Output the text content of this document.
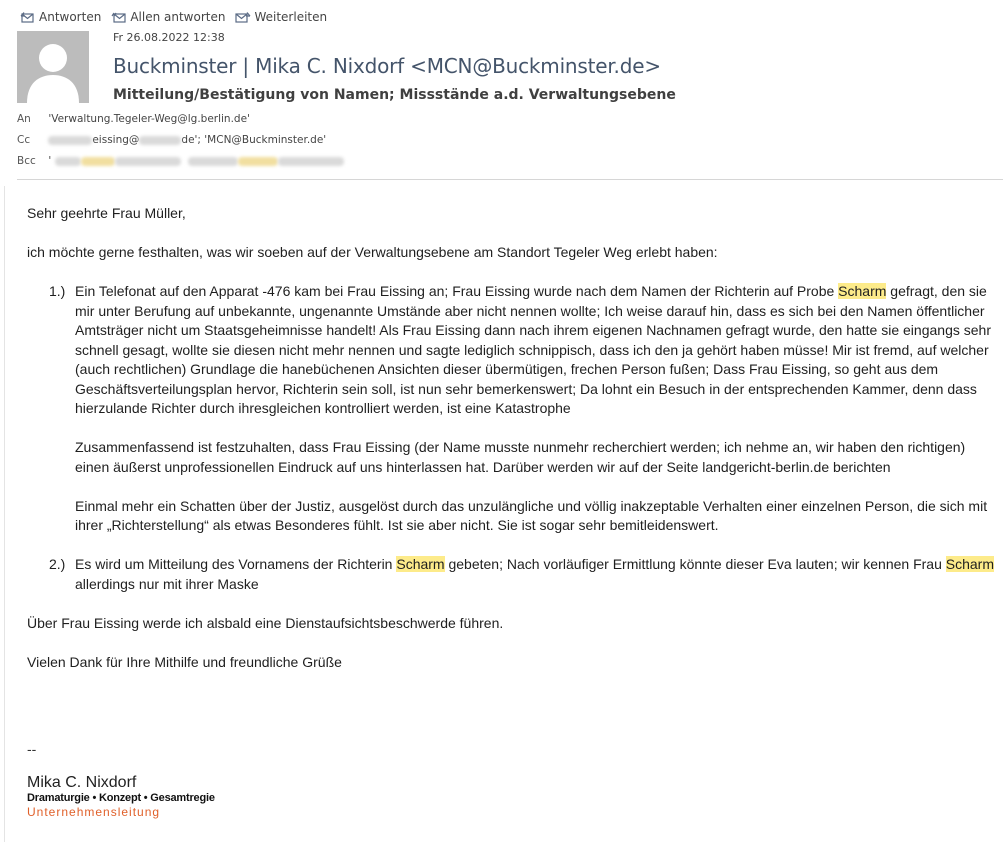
Antworten Allen antworten Weiterleiten
Fr 26.08.2022 12:38
Buckminster | Mika C. Nixdorf <MCN@Buckminster.de>
Mitteilung/Bestätigung von Namen; Missstände a.d. Verwaltungsebene
An 'Verwaltung.Tegeler-Weg@lg.berlin.de'
Cc	eissing@	de'; 'MCN@Buckminster.de'
Bcc '

Sehr geehrte Frau Müller,

ich möchte gerne festhalten, was wir soeben auf der Verwaltungsebene am Standort Tegeler Weg erlebt haben:

1.) Ein Telefonat auf den Apparat -476 kam bei Frau Eissing an; Frau Eissing wurde nach dem Namen der Richterin auf Probe Scharm gefragt, den sie mir unter Berufung auf unbekannte, ungenannte Umstände aber nicht nennen wollte; Ich weise darauf hin, dass es sich bei den Namen öffentlicher Amtsträger nicht um Staatsgeheimnisse handelt! Als Frau Eissing dann nach ihrem eigenen Nachnamen gefragt wurde, den hatte sie eingangs sehr schnell gesagt, wollte sie diesen nicht mehr nennen und sagte lediglich schnippisch, dass ich den ja gehört haben müsse! Mir ist fremd, auf welcher (auch rechtlichen) Grundlage die hanebüchenen Ansichten dieser übermütigen, frechen Person fußen; Dass Frau Eissing, so geht aus dem Geschäftsverteilungsplan hervor, Richterin sein soll, ist nun sehr bemerkenswert; Da lohnt ein Besuch in der entsprechenden Kammer, denn dass hierzulande Richter durch ihresgleichen kontrolliert werden, ist eine Katastrophe

Zusammenfassend ist festzuhalten, dass Frau Eissing (der Name musste nunmehr recherchiert werden; ich nehme an, wir haben den richtigen) einen äußerst unprofessionellen Eindruck auf uns hinterlassen hat. Darüber werden wir auf der Seite landgericht-berlin.de berichten

Einmal mehr ein Schatten über der Justiz, ausgelöst durch das unzulängliche und völlig inakzeptable Verhalten einer einzelnen Person, die sich mit ihrer „Richterstellung“ als etwas Besonderes fühlt. Ist sie aber nicht. Sie ist sogar sehr bemitleidenswert.

2.) Es wird um Mitteilung des Vornamens der Richterin Scharm gebeten; Nach vorläufiger Ermittlung könnte dieser Eva lauten; wir kennen Frau Scharm allerdings nur mit ihrer Maske

Über Frau Eissing werde ich alsbald eine Dienstaufsichtsbeschwerde führen.

Vielen Dank für Ihre Mithilfe und freundliche Grüße

--
Mika C. Nixdorf
Dramaturgie • Konzept • Gesamtregie
Unternehmensleitung
